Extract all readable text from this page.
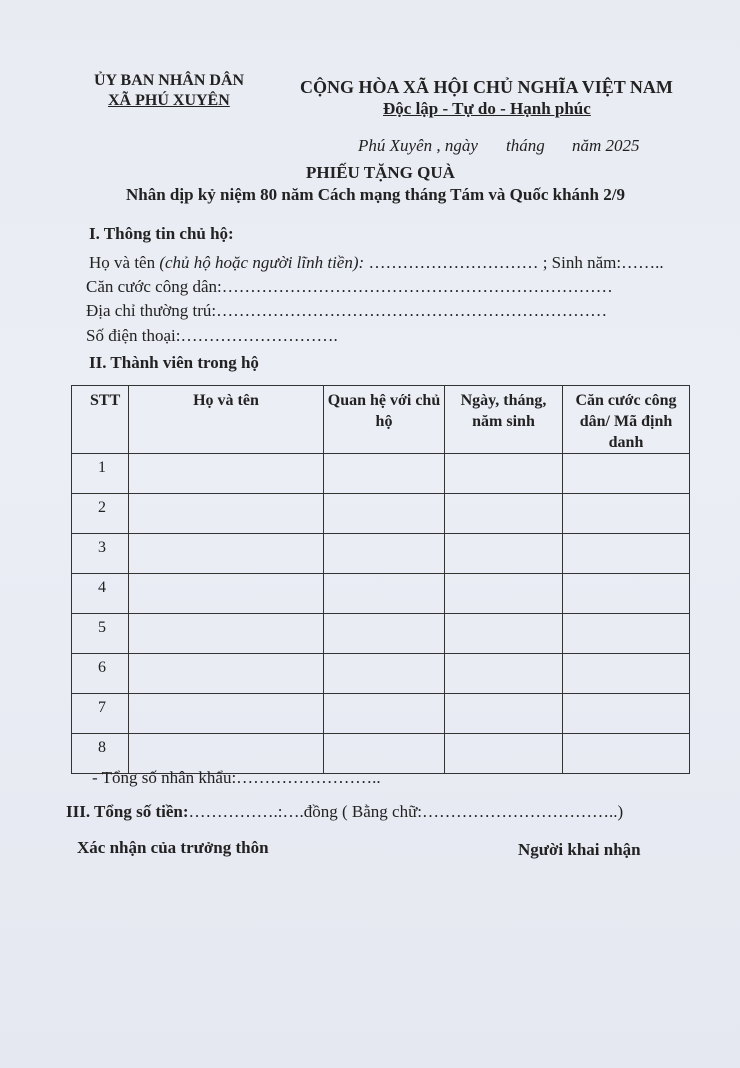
ỦY BAN NHÂN DÂN
XÃ PHÚ XUYÊN
CỘNG HÒA XÃ HỘI CHỦ NGHĨA VIỆT NAM
Độc lập - Tự do - Hạnh phúc
Phú Xuyên , ngày tháng năm 2025
PHIẾU TẶNG QUÀ
Nhân dịp kỷ niệm 80 năm Cách mạng tháng Tám và Quốc khánh 2/9
I. Thông tin chủ hộ:
Họ và tên (chủ hộ hoặc người lĩnh tiền): ………………………… ; Sinh năm:……..
Căn cước công dân:……………………………………………………………
Địa chỉ thường trú:……………………………………………………………
Số điện thoại:……………………….
II. Thành viên trong hộ
STT	Họ và tên	Quan hệ với chủ hộ	Ngày, tháng, năm sinh	Căn cước công dân/ Mã định danh
1				
2				
3				
4				
5				
6				
7				
8				
- Tổng số nhân khẩu:……………………..
III. Tổng số tiền:…………….:….đồng ( Bằng chữ:……………………………..)
Xác nhận của trưởng thôn	Người khai nhận
